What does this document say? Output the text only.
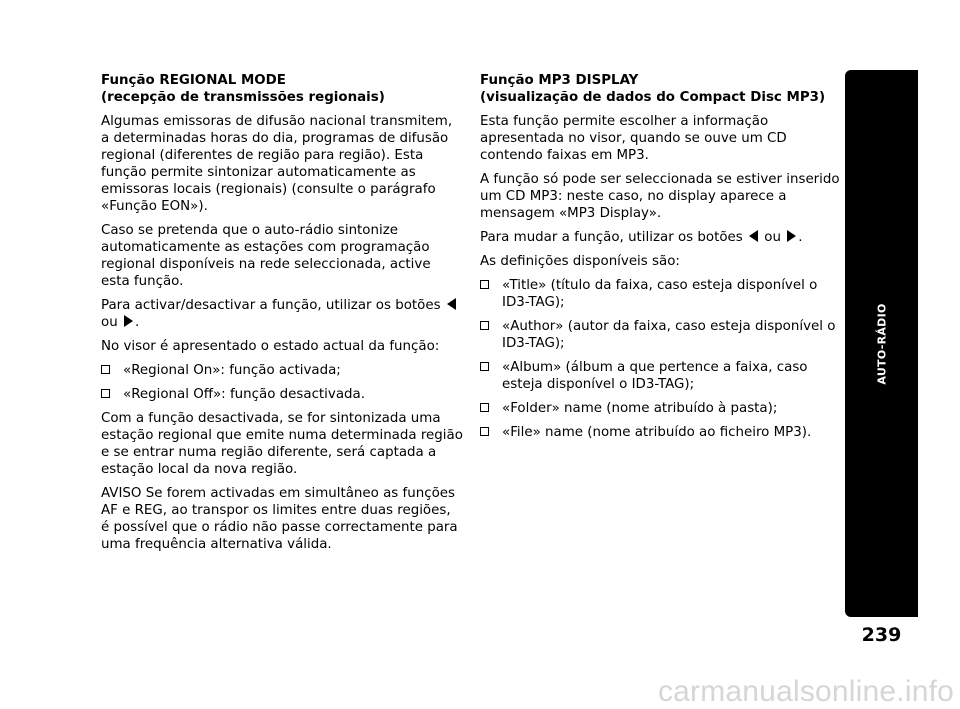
Função REGIONAL MODE
(recepção de transmissões regionais)

Algumas emissoras de difusão nacional transmitem, a determinadas horas do dia, programas de difusão regional (diferentes de região para região). Esta função permite sintonizar automaticamente as emissoras locais (regionais) (consulte o parágrafo «Função EON»).

Caso se pretenda que o auto-rádio sintonize automaticamente as estações com programação regional disponíveis na rede seleccionada, active esta função.

Para activar/desactivar a função, utilizar os botões  ou .

No visor é apresentado o estado actual da função:

«Regional On»: função activada;
«Regional Off»: função desactivada.

Com a função desactivada, se for sintonizada uma estação regional que emite numa determinada região e se entrar numa região diferente, será captada a estação local da nova região.

AVISO Se forem activadas em simultâneo as funções AF e REG, ao transpor os limites entre duas regiões, é possível que o rádio não passe correctamente para uma frequência alternativa válida.

Função MP3 DISPLAY
(visualização de dados do Compact Disc MP3)

Esta função permite escolher a informação apresentada no visor, quando se ouve um CD contendo faixas em MP3.

A função só pode ser seleccionada se estiver inserido um CD MP3: neste caso, no display aparece a mensagem «MP3 Display».

Para mudar a função, utilizar os botões ou .

As definições disponíveis são:

«Title» (título da faixa, caso esteja disponível o ID3-TAG);
«Author» (autor da faixa, caso esteja disponível o ID3-TAG);
«Album» (álbum a que pertence a faixa, caso esteja disponível o ID3-TAG);
«Folder» name (nome atribuído à pasta);
«File» name (nome atribuído ao ficheiro MP3).
AUTO-RÁDIO
239
carmanualsonline.info
